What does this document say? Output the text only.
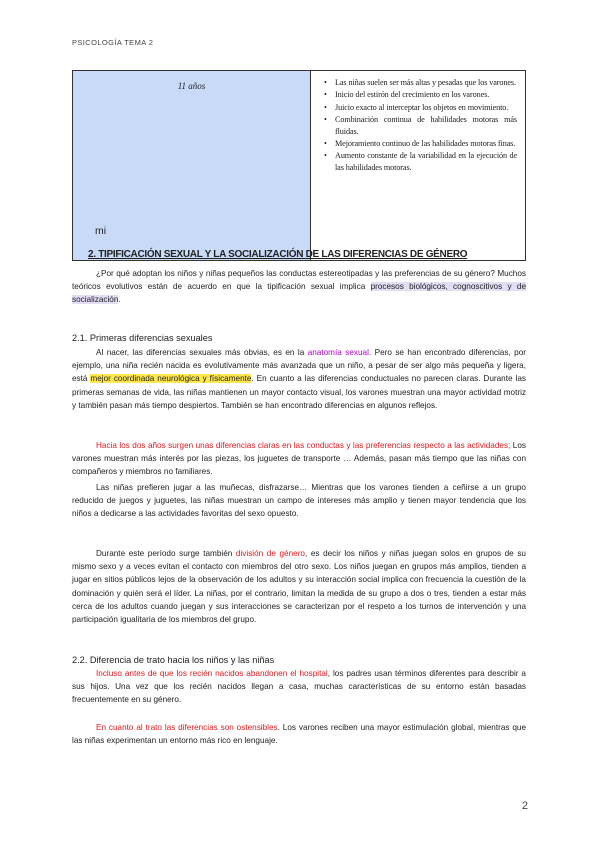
PSICOLOGÍA TEMA 2
11 años	
•Las niñas suelen ser más altas y pesadas que los varones.
• Inicio del estirón del crecimiento en los varones.
• Juicio exacto al interceptar los objetos en movimiento.
• Combinación continua de habilidades motoras más fluidas.
• Mejoramiento continuo de las habilidades motoras finas.
• Aumento constante de la variabilidad en la ejecución de las habilidades motoras.
mi
2. TIPIFICACIÓN SEXUAL Y LA SOCIALIZACIÓN DE LAS DIFERENCIAS DE GÉNERO

¿Por qué adoptan los niños y niñas pequeños las conductas estereotipadas y las preferencias de su género? Muchos teóricos evolutivos están de acuerdo en que la tipificación sexual implica procesos biológicos, cognoscitivos y de socialización.

2.1. Primeras diferencias sexuales

Al nacer, las diferencias sexuales más obvias, es en la anatomía sexual. Pero se han encontrado diferencias, por ejemplo, una niña recién nacida es evolutivamente más avanzada que un niño, a pesar de ser algo más pequeña y ligera, está mejor coordinada neurológica y físicamente. En cuanto a las diferencias conductuales no parecen claras. Durante las primeras semanas de vida, las niñas mantienen un mayor contacto visual, los varones muestran una mayor actividad motriz y también pasan más tiempo despiertos. También se han encontrado diferencias en algunos reflejos.

Hacia los dos años surgen unas diferencias claras en las conductas y las preferencias respecto a las actividades; Los varones muestran más interés por las piezas, los juguetes de transporte … Además, pasan más tiempo que las niñas con compañeros y miembros no familiares.

Las niñas prefieren jugar a las muñecas, disfrazarse… Mientras que los varones tienden a ceñirse a un grupo reducido de juegos y juguetes, las niñas muestran un campo de intereses más amplio y tienen mayor tendencia que los niños a dedicarse a las actividades favoritas del sexo opuesto.

Durante este período surge también división de género, es decir los niños y niñas juegan solos en grupos de su mismo sexo y a veces evitan el contacto con miembros del otro sexo. Los niños juegan en grupos más amplios, tienden a jugar en sitios públicos lejos de la observación de los adultos y su interacción social implica con frecuencia la cuestión de la dominación y quién será el líder. La niñas, por el contrario, limitan la medida de su grupo a dos o tres, tienden a estar más cerca de los adultos cuando juegan y sus interacciones se caracterizan por el respeto a los turnos de intervención y una participación igualitaria de los miembros del grupo.

2.2. Diferencia de trato hacia los niños y las niñas

Incluso antes de que los recién nacidos abandonen el hospital, los padres usan términos diferentes para describir a sus hijos. Una vez que los recién nacidos llegan a casa, muchas características de su entorno están basadas frecuentemente en su género.

En cuanto al trato las diferencias son ostensibles. Los varones reciben una mayor estimulación global, mientras que las niñas experimentan un entorno más rico en lenguaje.

2
